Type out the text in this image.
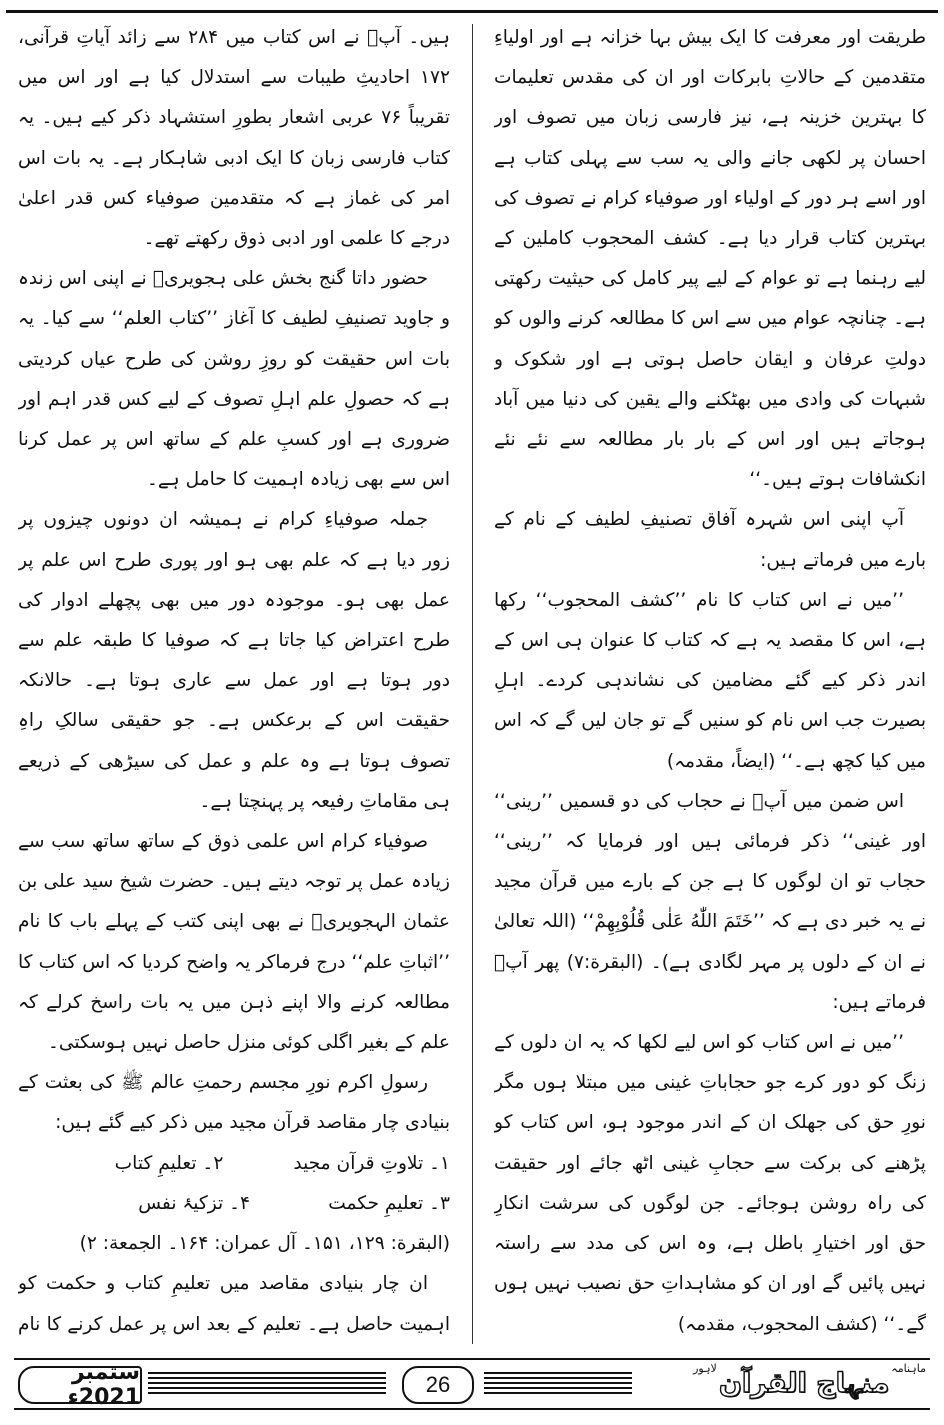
طریقت اور معرفت کا ایک بیش بہا خزانہ ہے اور اولیاءِ متقدمین کے حالاتِ بابرکات اور ان کی مقدس تعلیمات کا بہترین خزینہ ہے، نیز فارسی زبان میں تصوف اور احسان پر لکھی جانے والی یہ سب سے پہلی کتاب ہے اور اسے ہر دور کے اولیاء اور صوفیاء کرام نے تصوف کی بہترین کتاب قرار دیا ہے۔ کشف المحجوب کاملین کے لیے رہنما ہے تو عوام کے لیے پیر کامل کی حیثیت رکھتی ہے۔ چنانچہ عوام میں سے اس کا مطالعہ کرنے والوں کو دولتِ عرفان و ایقان حاصل ہوتی ہے اور شکوک و شبہات کی وادی میں بھٹکنے والے یقین کی دنیا میں آباد ہوجاتے ہیں اور اس کے بار بار مطالعہ سے نئے نئے انکشافات ہوتے ہیں۔‘‘

آپ اپنی اس شہرہ آفاق تصنیفِ لطیف کے نام کے بارے میں فرماتے ہیں:

’’میں نے اس کتاب کا نام ’’کشف المحجوب‘‘ رکھا ہے، اس کا مقصد یہ ہے کہ کتاب کا عنوان ہی اس کے اندر ذکر کیے گئے مضامین کی نشاندہی کردے۔ اہلِ بصیرت جب اس نام کو سنیں گے تو جان لیں گے کہ اس میں کیا کچھ ہے۔‘‘ (ایضاً، مقدمہ)

اس ضمن میں آپؒ نے حجاب کی دو قسمیں ’’رینی‘‘ اور غینی‘‘ ذکر فرمائی ہیں اور فرمایا کہ ’’رینی‘‘ حجاب تو ان لوگوں کا ہے جن کے بارے میں قرآن مجید نے یہ خبر دی ہے کہ ’’خَتَمَ اللّٰهُ عَلٰی قُلُوْبِهِمْ‘‘ (اللہ تعالیٰ نے ان کے دلوں پر مہر لگادی ہے)۔ (البقرة:۷) پھر آپؒ فرماتے ہیں:

’’میں نے اس کتاب کو اس لیے لکھا کہ یہ ان دلوں کے زنگ کو دور کرے جو حجاباتِ غینی میں مبتلا ہوں مگر نورِ حق کی جھلک ان کے اندر موجود ہو، اس کتاب کو پڑھنے کی برکت سے حجابِ غینی اٹھ جائے اور حقیقت کی راہ روشن ہوجائے۔ جن لوگوں کی سرشت انکارِ حق اور اختیارِ باطل ہے، وہ اس کی مدد سے راستہ نہیں پائیں گے اور ان کو مشاہداتِ حق نصیب نہیں ہوں گے۔‘‘ (کشف المحجوب، مقدمہ)

ہیں۔ آپؒ نے اس کتاب میں ۲۸۴ سے زائد آیاتِ قرآنی، ۱۷۲ احادیثِ طیبات سے استدلال کیا ہے اور اس میں تقریباً ۷۶ عربی اشعار بطورِ استشہاد ذکر کیے ہیں۔ یہ کتاب فارسی زبان کا ایک ادبی شاہکار ہے۔ یہ بات اس امر کی غماز ہے کہ متقدمین صوفیاء کس قدر اعلیٰ درجے کا علمی اور ادبی ذوق رکھتے تھے۔

حضور داتا گنج بخش علی ہجویریؒ نے اپنی اس زندہ و جاوید تصنیفِ لطیف کا آغاز ’’کتاب العلم‘‘ سے کیا۔ یہ بات اس حقیقت کو روزِ روشن کی طرح عیاں کردیتی ہے کہ حصولِ علم اہلِ تصوف کے لیے کس قدر اہم اور ضروری ہے اور کسبِ علم کے ساتھ اس پر عمل کرنا اس سے بھی زیادہ اہمیت کا حامل ہے۔

جملہ صوفیاءِ کرام نے ہمیشہ ان دونوں چیزوں پر زور دیا ہے کہ علم بھی ہو اور پوری طرح اس علم پر عمل بھی ہو۔ موجودہ دور میں بھی پچھلے ادوار کی طرح اعتراض کیا جاتا ہے کہ صوفیا کا طبقہ علم سے دور ہوتا ہے اور عمل سے عاری ہوتا ہے۔ حالانکہ حقیقت اس کے برعکس ہے۔ جو حقیقی سالکِ راہِ تصوف ہوتا ہے وہ علم و عمل کی سیڑھی کے ذریعے ہی مقاماتِ رفیعہ پر پہنچتا ہے۔

صوفیاء کرام اس علمی ذوق کے ساتھ ساتھ سب سے زیادہ عمل پر توجہ دیتے ہیں۔ حضرت شیخ سید علی بن عثمان الہجویریؒ نے بھی اپنی کتب کے پہلے باب کا نام ’’اثباتِ علم‘‘ درج فرماکر یہ واضح کردیا کہ اس کتاب کا مطالعہ کرنے والا اپنے ذہن میں یہ بات راسخ کرلے کہ علم کے بغیر اگلی کوئی منزل حاصل نہیں ہوسکتی۔

رسولِ اکرم نورِ مجسم رحمتِ عالم ﷺ کی بعثت کے بنیادی چار مقاصد قرآن مجید میں ذکر کیے گئے ہیں:

۱۔ تلاوتِ قرآن مجید
۲۔ تعلیمِ کتاب
۳۔ تعلیمِ حکمت
۴۔ تزکیۂ نفس

(البقرة: ۱۲۹، ۱۵۱۔ آل عمران: ۱۶۴۔ الجمعة: ۲)

ان چار بنیادی مقاصد میں تعلیمِ کتاب و حکمت کو اہمیت حاصل ہے۔ تعلیم کے بعد اس پر عمل کرنے کا نام

ستمبر 2021ء
26
ماہنامہ
منہاج القرآن
لاہور
